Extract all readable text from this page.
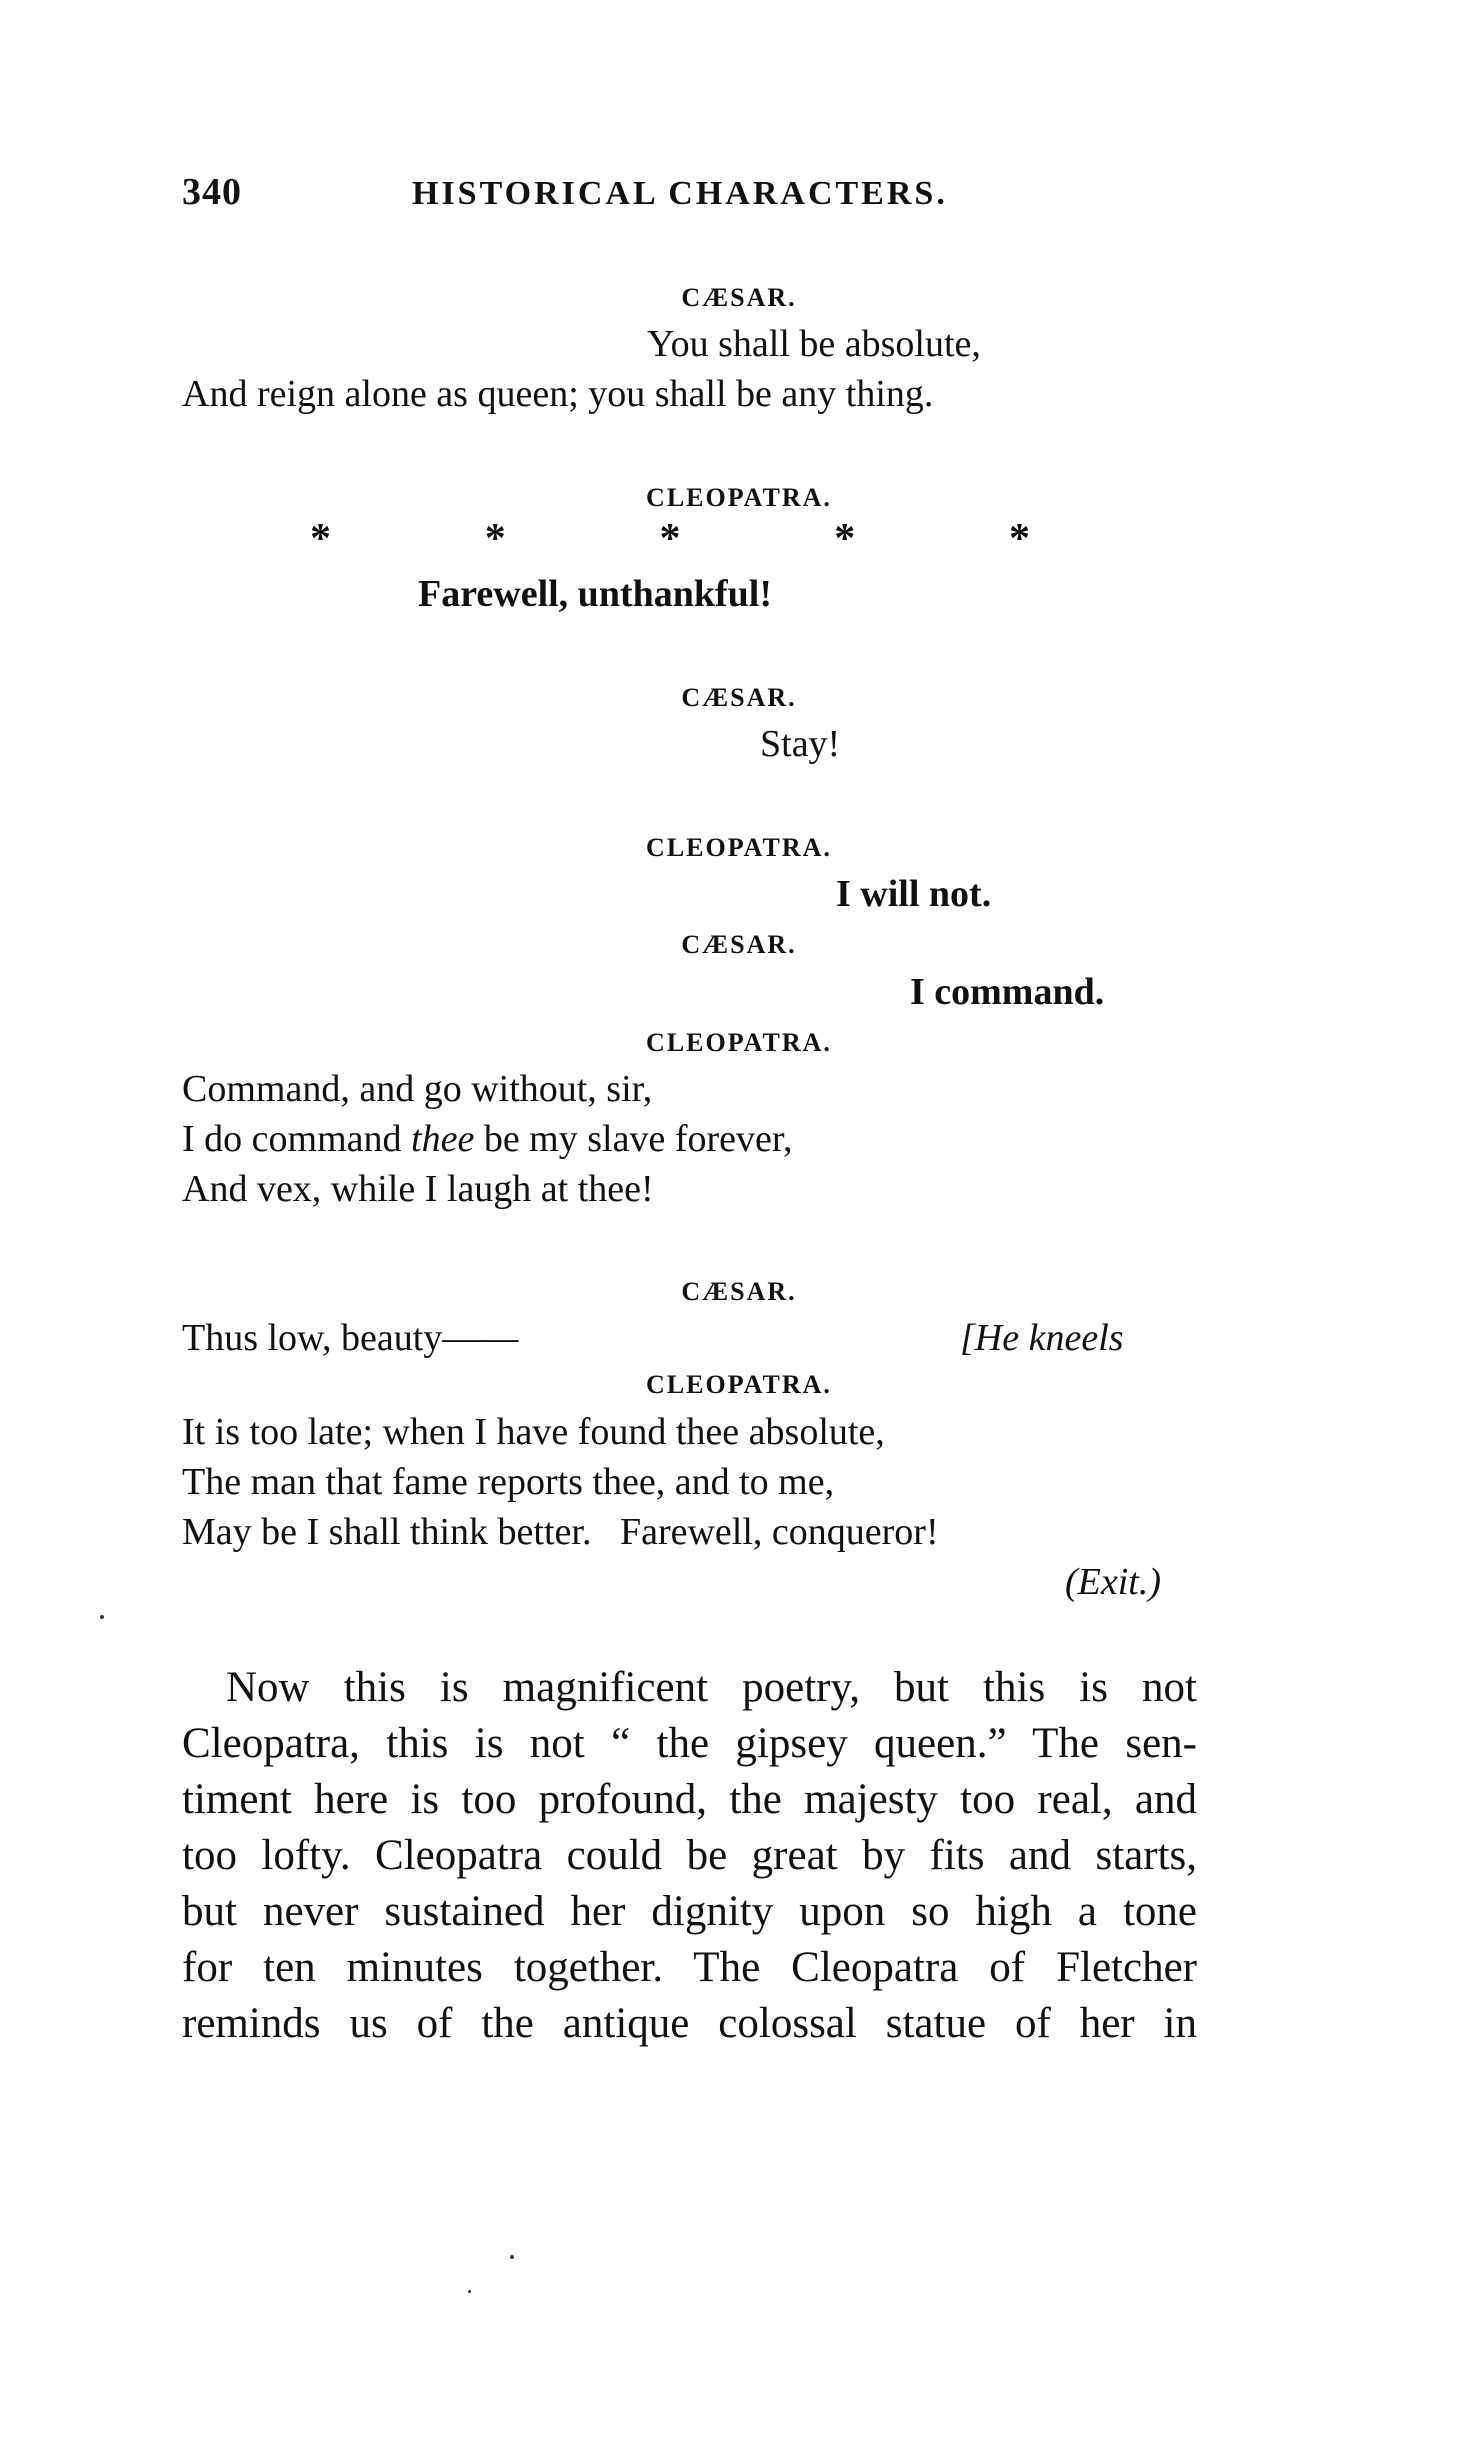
340	HISTORICAL CHARACTERS.
CÆSAR.
You shall be absolute,
And reign alone as queen; you shall be any thing.
CLEOPATRA.
*	*	*	*	*
Farewell, unthankful!
CÆSAR.
Stay!
CLEOPATRA.
I will not.
CÆSAR.
I command.
CLEOPATRA.
Command, and go without, sir,
I do command thee be my slave forever,
And vex, while I laugh at thee!
CÆSAR.
Thus low, beauty——	[He kneels
CLEOPATRA.
It is too late; when I have found thee absolute,
The man that fame reports thee, and to me,
May be I shall think better.   Farewell, conqueror!
(Exit.)
Now this is magnificent poetry, but this is not
Cleopatra, this is not “ the gipsey queen.” The sen-
timent here is too profound, the majesty too real, and
too lofty. Cleopatra could be great by fits and starts,
but never sustained her dignity upon so high a tone
for ten minutes together. The Cleopatra of Fletcher
reminds us of the antique colossal statue of her in
